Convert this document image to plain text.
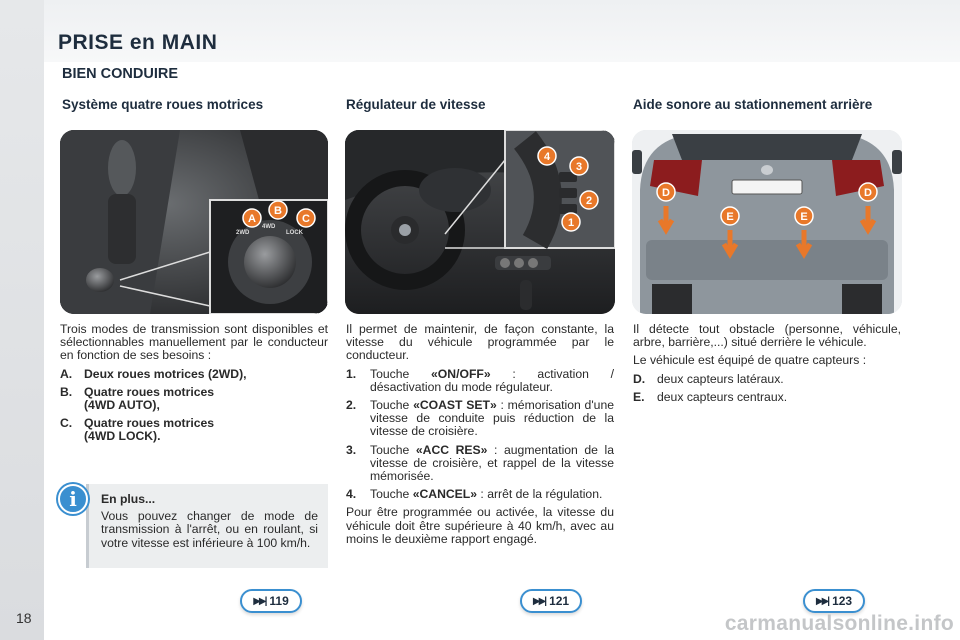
PRISE en MAIN
BIEN CONDUIRE
Système quatre roues motrices
2WD
4WD
LOCK
A
B
C

Trois modes de transmission sont disponibles et sélectionnables manuellement par le conducteur en fonction de ses besoins :

A. Deux roues motrices (2WD),
B. Quatre roues motrices (4WD AUTO),
C. Quatre roues motrices (4WD LOCK).
En plus...
Vous pouvez changer de mode de transmission à l'arrêt, ou en roulant, si votre vitesse est inférieure à 100 km/h.
i
▶▶| 119
Régulateur de vitesse
4
3
2
1

Il permet de maintenir, de façon constante, la vitesse du véhicule programmée par le conducteur.

1.	Touche «ON/OFF» : activation / désactivation du mode régulateur.
2.	Touche «COAST SET» : mémorisation d'une vitesse de conduite puis réduction de la vitesse de croisière.
3.	Touche «ACC RES» : augmentation de la vitesse de croisière, et rappel de la vitesse mémorisée.
4.	Touche «CANCEL» : arrêt de la régulation.

Pour être programmée ou activée, la vitesse du véhicule doit être supérieure à 40 km/h, avec au moins le deuxième rapport engagé.

▶▶| 121
Aide sonore au stationnement arrière
D
E	E
D

Il détecte tout obstacle (personne, véhicule, arbre, barrière,...) situé derrière le véhicule.

Le véhicule est équipé de quatre capteurs :

D. deux capteurs latéraux.
E.	deux capteurs centraux.
▶▶| 123
18	carmanualsonline.info
